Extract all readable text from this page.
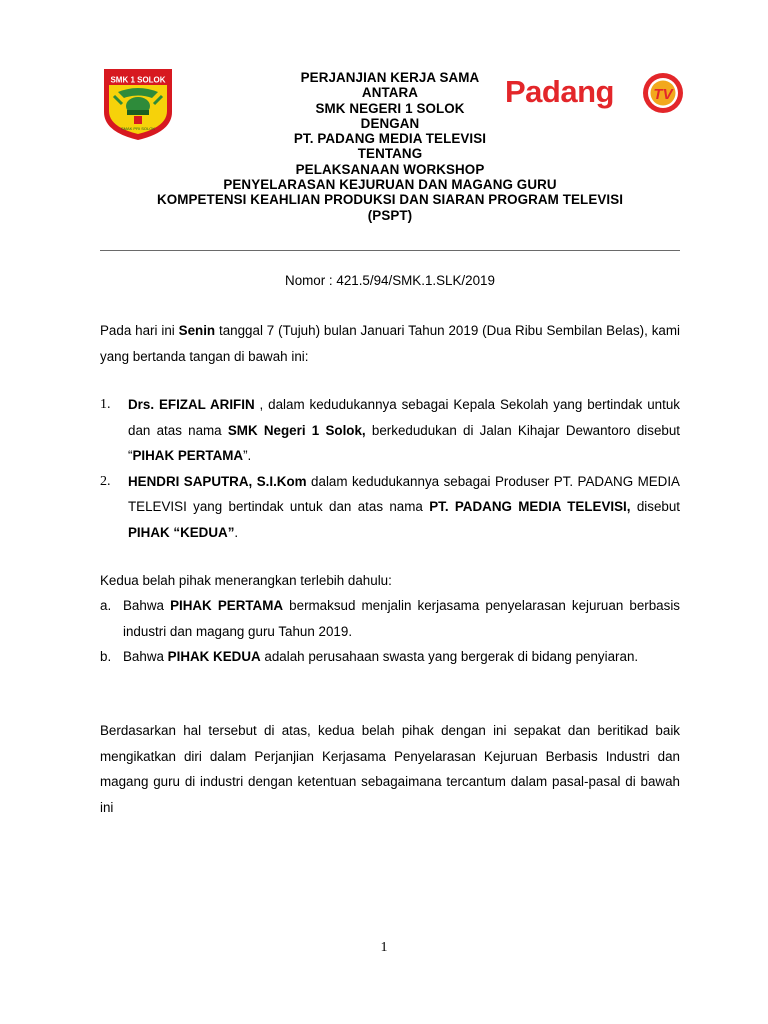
SMK 1 SOLOK
SMAK PRI SOLOK
Padang	TV
PERJANJIAN KERJA SAMA
ANTARA
SMK NEGERI 1 SOLOK
DENGAN
PT. PADANG MEDIA TELEVISI
TENTANG
PELAKSANAAN WORKSHOP
PENYELARASAN KEJURUAN DAN MAGANG GURU
KOMPETENSI KEAHLIAN PRODUKSI DAN SIARAN PROGRAM TELEVISI
(PSPT)
Nomor : 421.5/94/SMK.1.SLK/2019
Pada hari ini Senin tanggal 7 (Tujuh) bulan Januari Tahun 2019 (Dua Ribu Sembilan Belas), kami yang bertanda tangan di bawah ini:
1. Drs. EFIZAL ARIFIN , dalam kedudukannya sebagai Kepala Sekolah yang bertindak untuk dan atas nama SMK Negeri 1 Solok, berkedudukan di Jalan Kihajar Dewantoro disebut “PIHAK PERTAMA”.
2. HENDRI SAPUTRA, S.I.Kom dalam kedudukannya sebagai Produser PT. PADANG MEDIA TELEVISI yang bertindak untuk dan atas nama PT. PADANG MEDIA TELEVISI, disebut PIHAK “KEDUA”.
Kedua belah pihak menerangkan terlebih dahulu:
a. Bahwa PIHAK PERTAMA bermaksud menjalin kerjasama penyelarasan kejuruan berbasis industri dan magang guru Tahun 2019.
b. Bahwa PIHAK KEDUA adalah perusahaan swasta yang bergerak di bidang penyiaran.
Berdasarkan hal tersebut di atas, kedua belah pihak dengan ini sepakat dan beritikad baik mengikatkan diri dalam Perjanjian Kerjasama Penyelarasan Kejuruan Berbasis Industri dan magang guru di industri dengan ketentuan sebagaimana tercantum dalam pasal-pasal di bawah ini
1
